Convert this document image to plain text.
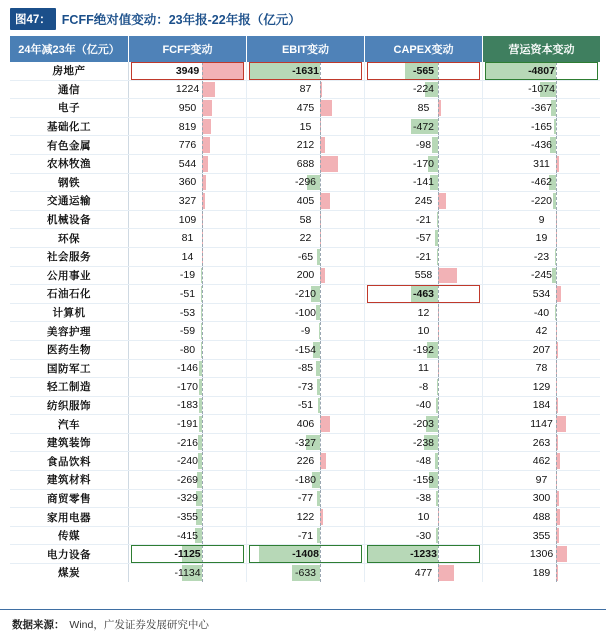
图47： FCFF绝对值变动：23年报-22年报（亿元）
24年减23年（亿元）	FCFF变动	EBIT变动	CAPEX变动	营运资本变动
房地产	3949	-1631	-565	-4807

通信	1224	87	-224	-1074

电子	950	475	85	-367

基础化工	819	15	-472	-165

有色金属	776	212	-98	-436

农林牧渔	544	688	-170	311

钢铁	360	-296	-141	-462

交通运输	327	405	245	-220

机械设备	109	58	-21	9

环保	81	22	-57	19

社会服务	14	-65	-21	-23

公用事业	-19	200	558	-245

石油石化	-51	-210	-463	534

计算机	-53	-100	12	-40

美容护理	-59	-9	10	42

医药生物	-80	-154	-192	207

国防军工	-146	-85	11	78

轻工制造	-170	-73	-8	129

纺织服饰	-183	-51	-40	184

汽车	-191	406	-203	1147

建筑装饰	-216	-327	-238	263

食品饮料	-240	226	-48	462

建筑材料	-269	-180	-159	97

商贸零售	-329	-77	-38	300

家用电器	-355	122	10	488

传媒	-415	-71	-30	355

电力设备	-1125	-1408	-1233	1306

煤炭	-1134	-633	477	189
数据来源： Wind，广发证券发展研究中心
